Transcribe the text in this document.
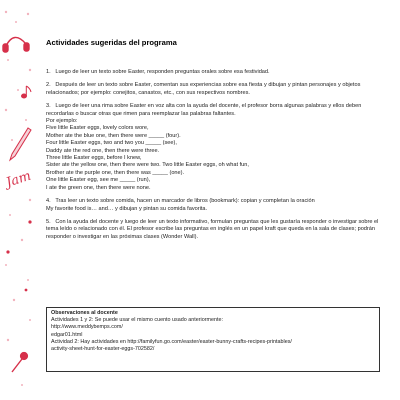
Jam
Actividades sugeridas del programa

1.   Luego de leer un texto sobre Easter, responden preguntas orales sobre esa festividad.

2.   Después de leer un texto sobre Easter, comentan sus experiencias sobre esa fiesta y dibujan y pintan personajes y objetos relacionados; por ejemplo: conejitos, canastos, etc., con sus respectivos nombres.

3.   Luego de leer una rima sobre Easter en voz alta con la ayuda del docente, el profesor borra algunas palabras y ellos deben recordarlas o buscar otras que rimen para reemplazar las palabras faltantes.

Por ejemplo:

Five little Easter eggs, lovely colors wore,
Mother ate the blue one, then there were _____ (four).
Four little Easter eggs, two and two you _____ (see),
Daddy ate the red one, then there were three.
Three little Easter eggs, before I knew,
Sister ate the yellow one, then there were two. Two little Easter eggs, oh what fun,
Brother ate the purple one, then there was _____ (one).
One little Easter egg, see me _____ (run),
I ate the green one, then there were none.

4.   Tras leer un texto sobre comida, hacen un marcador de libros (bookmark): copian y completan la oración

My favorite food is… and… y dibujan y pintan su comida favorita.

5.   Con la ayuda del docente y luego de leer un texto informativo, formulan preguntas que les gustaría responder o investigar sobre el tema leído o relacionado con él. El profesor escribe las preguntas en inglés en un papel kraft que queda en la sala de clases; podrán responder o investigar en las próximas clases (Wonder Wall).

Observaciones al docente
Actividades 1 y 2: Se puede usar el mismo cuento usado anteriormente:
http://www.meddybemps.com/
edgar01.html
Actividad 2: Hay actividades en http://familyfun.go.com/easter/easter-bunny-crafts-recipes-printables/
activity-sheet-hunt-for-easter-eggs-702582/
